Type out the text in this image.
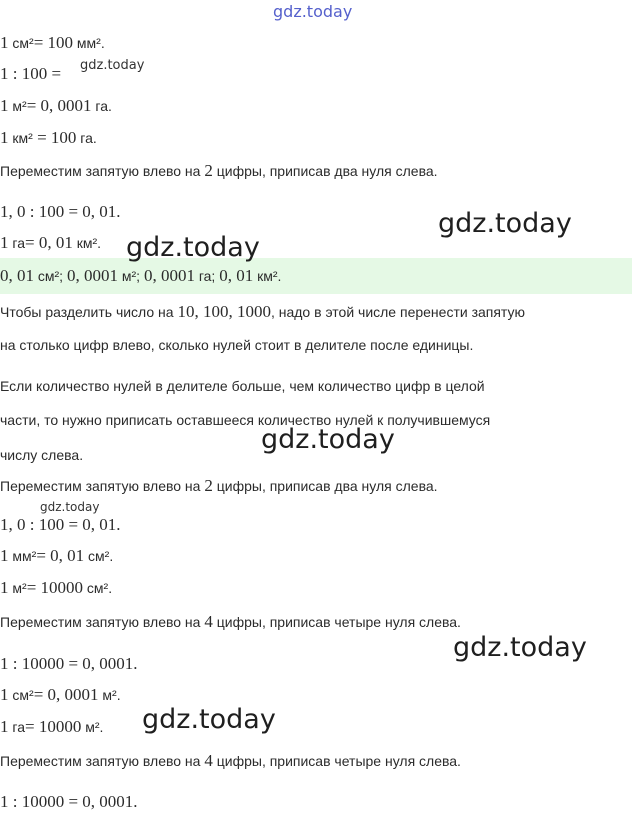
gdz.today
gdz.today
gdz.today
gdz.today
gdz.today
gdz.today
gdz.today
gdz.today
1 см²= 100 мм².
1 : 100 =
1 м²= 0, 0001 га.
1 км² = 100 га.
Переместим запятую влево на 2 цифры, приписав два нуля слева.
1, 0 : 100 = 0, 01.
1 га= 0, 01 км².
0, 01 см²; 0, 0001 м²; 0, 0001 га; 0, 01 км².
Чтобы разделить число на 10, 100, 1000, надо в этой числе перенести запятую
на столько цифр влево, сколько нулей стоит в делителе после единицы.
Если количество нулей в делителе больше, чем количество цифр в целой
части, то нужно приписать оставшееся количество нулей к получившемуся
числу слева.
Переместим запятую влево на 2 цифры, приписав два нуля слева.
1, 0 : 100 = 0, 01.
1 мм²= 0, 01 см².
1 м²= 10000 см².
Переместим запятую влево на 4 цифры, приписав четыре нуля слева.
1 : 10000 = 0, 0001.
1 см²= 0, 0001 м².
1 га= 10000 м².
Переместим запятую влево на 4 цифры, приписав четыре нуля слева.
1 : 10000 = 0, 0001.
